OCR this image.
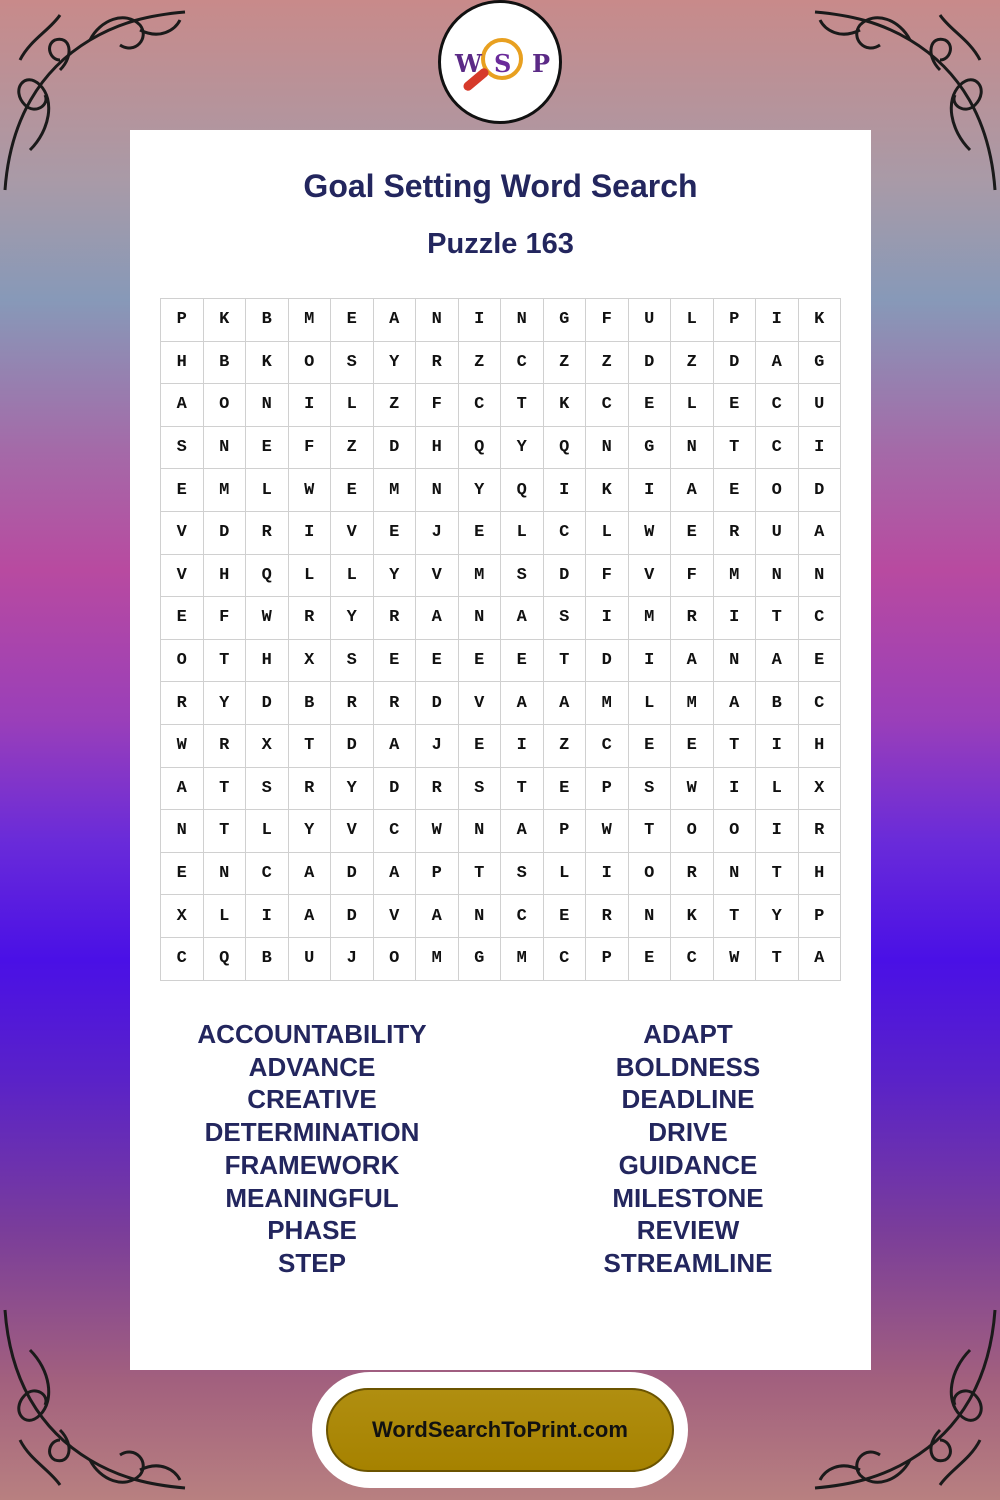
W S P
Goal Setting Word Search
Puzzle 163
P	K	B	M	E	A	N	I	N	G	F	U	L	P	I	K
H	B	K	O	S	Y	R	Z	C	Z	Z	D	Z	D	A	G
A	O	N	I	L	Z	F	C	T	K	C	E	L	E	C	U
S	N	E	F	Z	D	H	Q	Y	Q	N	G	N	T	C	I
E	M	L	W	E	M	N	Y	Q	I	K	I	A	E	O	D
V	D	R	I	V	E	J	E	L	C	L	W	E	R	U	A
V	H	Q	L	L	Y	V	M	S	D	F	V	F	M	N	N
E	F	W	R	Y	R	A	N	A	S	I	M	R	I	T	C
O	T	H	X	S	E	E	E	E	T	D	I	A	N	A	E
R	Y	D	B	R	R	D	V	A	A	M	L	M	A	B	C
W	R	X	T	D	A	J	E	I	Z	C	E	E	T	I	H
A	T	S	R	Y	D	R	S	T	E	P	S	W	I	L	X
N	T	L	Y	V	C	W	N	A	P	W	T	O	O	I	R
E	N	C	A	D	A	P	T	S	L	I	O	R	N	T	H
X	L	I	A	D	V	A	N	C	E	R	N	K	T	Y	P
C	Q	B	U	J	O	M	G	M	C	P	E	C	W	T	A
ACCOUNTABILITY
ADVANCE
CREATIVE
DETERMINATION
FRAMEWORK
MEANINGFUL
PHASE
STEP
ADAPT
BOLDNESS
DEADLINE
DRIVE
GUIDANCE
MILESTONE
REVIEW
STREAMLINE
WordSearchToPrint.com
